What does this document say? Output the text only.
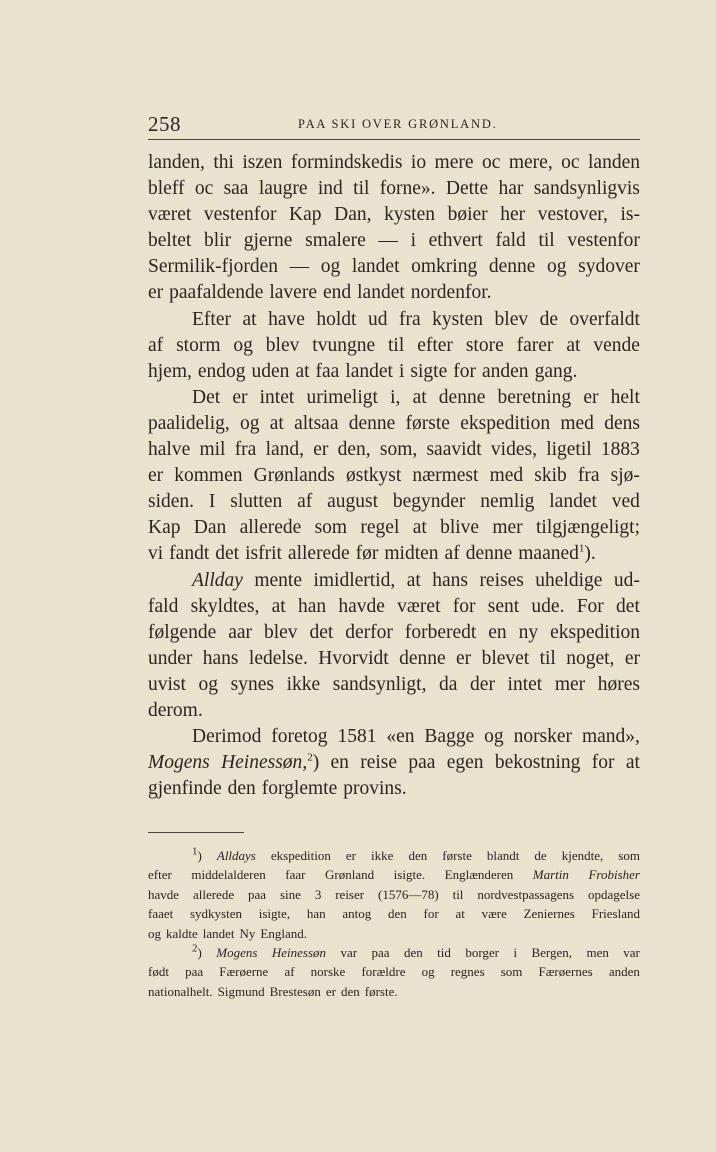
258	PAA SKI OVER GRØNLAND.
landen, thi iszen formindskedis io mere oc mere, oc landen
bleff oc saa laugre ind til forne». Dette har sandsynligvis
været vestenfor Kap Dan, kysten bøier her vestover, is-
beltet blir gjerne smalere — i ethvert fald til vestenfor
Sermilik-fjorden — og landet omkring denne og sydover
er paafaldende lavere end landet nordenfor.
Efter at have holdt ud fra kysten blev de overfaldt
af storm og blev tvungne til efter store farer at vende
hjem, endog uden at faa landet i sigte for anden gang.
Det er intet urimeligt i, at denne beretning er helt
paalidelig, og at altsaa denne første ekspedition med dens
halve mil fra land, er den, som, saavidt vides, ligetil 1883
er kommen Grønlands østkyst nærmest med skib fra sjø-
siden. I slutten af august begynder nemlig landet ved
Kap Dan allerede som regel at blive mer tilgjængeligt;
vi fandt det isfrit allerede før midten af denne maaned$^1$).
Allday mente imidlertid, at hans reises uheldige ud-
fald skyldtes, at han havde været for sent ude. For det
følgende aar blev det derfor forberedt en ny ekspedition
under hans ledelse. Hvorvidt denne er blevet til noget, er
uvist og synes ikke sandsynligt, da der intet mer høres
derom.
Derimod foretog 1581 «en Bagge og norsker mand»,
Mogens Heinessøn,$^2$) en reise paa egen bekostning for at
gjenfinde den forglemte provins.
$^1$) Alldays ekspedition er ikke den første blandt de kjendte, som
efter middelalderen faar Grønland isigte. Englænderen Martin Frobisher
havde allerede paa sine 3 reiser (1576—78) til nordvestpassagens opdagelse
faaet sydkysten isigte, han antog den for at være Zeniernes Friesland
og kaldte landet Ny England.
$^2$) Mogens Heinessøn var paa den tid borger i Bergen, men var
født paa Færøerne af norske forældre og regnes som Færøernes anden
nationalhelt. Sigmund Brestesøn er den første.
